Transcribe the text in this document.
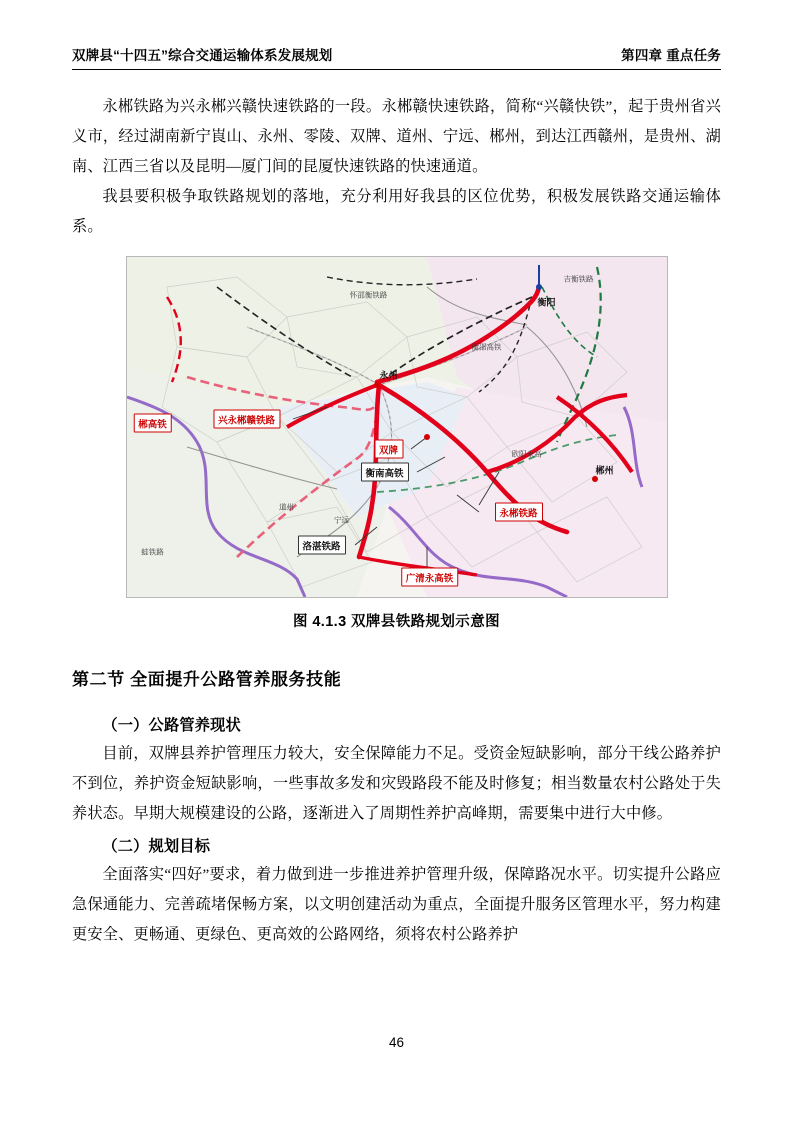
双牌县“十四五”综合交通运输体系发展规划	第四章 重点任务

永郴铁路为兴永郴兴赣快速铁路的一段。永郴赣快速铁路，简称“兴赣快铁”，起于贵州省兴义市，经过湖南新宁崀山、永州、零陵、双牌、道州、宁远、郴州，到达江西赣州，是贵州、湖南、江西三省以及昆明—厦门间的昆厦快速铁路的快速通道。

我县要积极争取铁路规划的落地，充分利用好我县的区位优势，积极发展铁路交通运输体系。

吉衡铁路
怀邵衡铁路
衡阳
衡邵高铁
永州
郴高铁	兴永郴赣铁路
双牌
衡南高铁
欧阳永高
郴州
永郴铁路
洛湛铁路
广清永高铁
蛙铁路
宁远
道州
图 4.1.3 双牌县铁路规划示意图
第二节 全面提升公路管养服务技能
（一）公路管养现状

目前，双牌县养护管理压力较大，安全保障能力不足。受资金短缺影响，部分干线公路养护不到位，养护资金短缺影响，一些事故多发和灾毁路段不能及时修复；相当数量农村公路处于失养状态。早期大规模建设的公路，逐渐进入了周期性养护高峰期，需要集中进行大中修。

（二）规划目标

全面落实“四好”要求，着力做到进一步推进养护管理升级，保障路况水平。切实提升公路应急保通能力、完善疏堵保畅方案，以文明创建活动为重点，全面提升服务区管理水平，努力构建更安全、更畅通、更绿色、更高效的公路网络，须将农村公路养护

46
